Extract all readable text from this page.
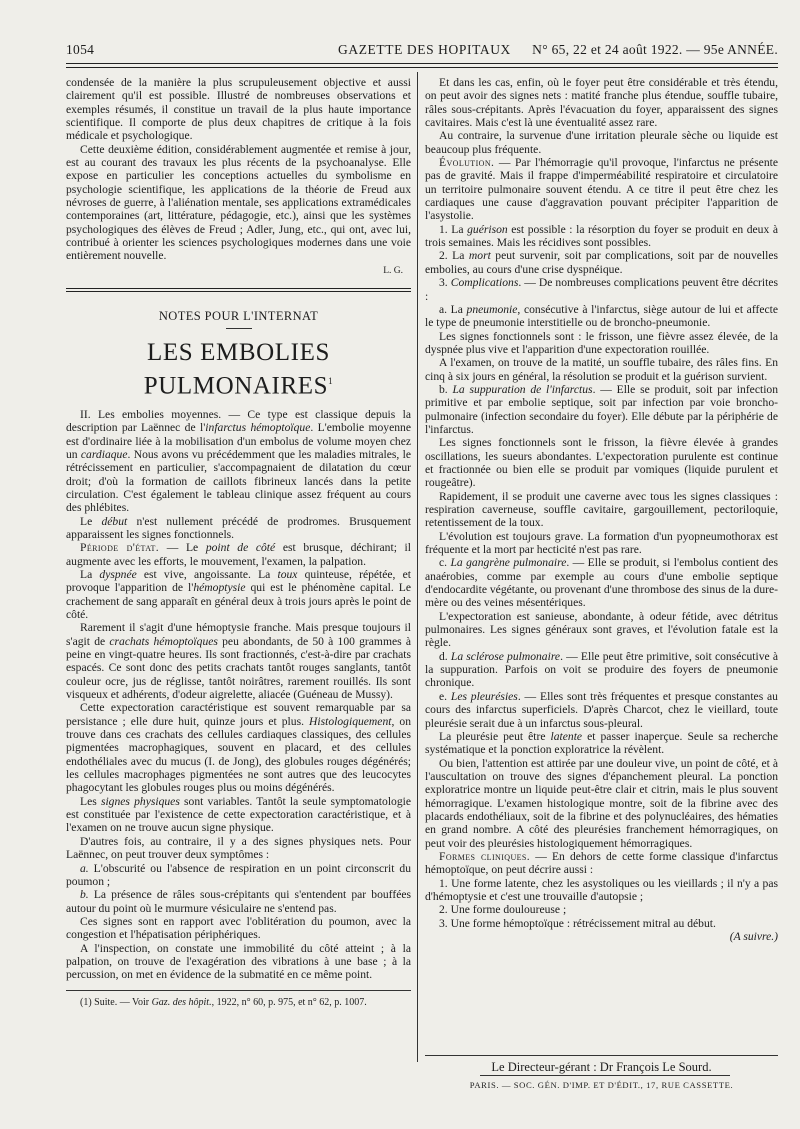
1054	GAZETTE DES HOPITAUX N° 65, 22 et 24 août 1922. — 95e ANNÉE.

condensée de la manière la plus scrupuleusement objective et aussi clairement qu'il est possible. Illustré de nombreuses observations et exemples résumés, il constitue un travail de la plus haute importance scientifique. Il comporte de plus deux chapitres de critique à la fois médicale et psychologique.

Cette deuxième édition, considérablement augmentée et remise à jour, est au courant des travaux les plus récents de la psychoanalyse. Elle expose en particulier les conceptions actuelles du symbolisme en psychologie scientifique, les applications de la théorie de Freud aux névroses de guerre, à l'aliénation mentale, ses applications extramédicales contemporaines (art, littérature, pédagogie, etc.), ainsi que les systèmes psychologiques des élèves de Freud ; Adler, Jung, etc., qui ont, avec lui, contribué à orienter les sciences psychologiques modernes dans une voie entièrement nouvelle.

L. G.
NOTES POUR L'INTERNAT
LES EMBOLIES PULMONAIRES$^1$

II. Les embolies moyennes. — Ce type est classique depuis la description par Laënnec de l'infarctus hémoptoïque. L'embolie moyenne est d'ordinaire liée à la mobilisation d'un embolus de volume moyen chez un cardiaque. Nous avons vu précédemment que les maladies mitrales, le rétrécissement en particulier, s'accompagnaient de dilatation du cœur droit; d'où la formation de caillots fibrineux lancés dans la petite circulation. C'est également le tableau clinique assez fréquent au cours des phlébites.

Le début n'est nullement précédé de prodromes. Brusquement apparaissent les signes fonctionnels.

Période d'état. — Le point de côté est brusque, déchirant; il augmente avec les efforts, le mouvement, l'examen, la palpation.

La dyspnée est vive, angoissante. La toux quinteuse, répétée, et provoque l'apparition de l'hémoptysie qui est le phénomène capital. Le crachement de sang apparaît en général deux à trois jours après le point de côté.

Rarement il s'agit d'une hémoptysie franche. Mais presque toujours il s'agit de crachats hémoptoïques peu abondants, de 50 à 100 grammes à peine en vingt-quatre heures. Ils sont fractionnés, c'est-à-dire par crachats espacés. Ce sont donc des petits crachats tantôt rouges sanglants, tantôt couleur ocre, jus de réglisse, tantôt noirâtres, rarement rouillés. Ils sont visqueux et adhérents, d'odeur aigrelette, aliacée (Guéneau de Mussy).

Cette expectoration caractéristique est souvent remarquable par sa persistance ; elle dure huit, quinze jours et plus. Histologiquement, on trouve dans ces crachats des cellules cardiaques classiques, des cellules pigmentées macrophagiques, souvent en placard, et des cellules endothéliales avec du mucus (I. de Jong), des globules rouges dégénérés; les cellules macrophages pigmentées ne sont autres que des leucocytes phagocytant les globules rouges plus ou moins dégénérés.

Les signes physiques sont variables. Tantôt la seule symptomatologie est constituée par l'existence de cette expectoration caractéristique, et à l'examen on ne trouve aucun signe physique.

D'autres fois, au contraire, il y a des signes physiques nets. Pour Laënnec, on peut trouver deux symptômes :

a. L'obscurité ou l'absence de respiration en un point circonscrit du poumon ;

b. La présence de râles sous-crépitants qui s'entendent par bouffées autour du point où le murmure vésiculaire ne s'entend pas.

Ces signes sont en rapport avec l'oblitération du poumon, avec la congestion et l'hépatisation périphériques.

A l'inspection, on constate une immobilité du côté atteint ; à la palpation, on trouve de l'exagération des vibrations à une base ; à la percussion, on met en évidence de la submatité en ce même point.

(1) Suite. — Voir Gaz. des hôpit., 1922, n° 60, p. 975, et n° 62, p. 1007.

Et dans les cas, enfin, où le foyer peut être considérable et très étendu, on peut avoir des signes nets : matité franche plus étendue, souffle tubaire, râles sous-crépitants. Après l'évacuation du foyer, apparaissent des signes cavitaires. Mais c'est là une éventualité assez rare.

Au contraire, la survenue d'une irritation pleurale sèche ou liquide est beaucoup plus fréquente.

Évolution. — Par l'hémorragie qu'il provoque, l'infarctus ne présente pas de gravité. Mais il frappe d'imperméabilité respiratoire et circulatoire un territoire pulmonaire souvent étendu. A ce titre il peut être chez les cardiaques une cause d'aggravation pouvant précipiter l'apparition de l'asystolie.

1. La guérison est possible : la résorption du foyer se produit en deux à trois semaines. Mais les récidives sont possibles.

2. La mort peut survenir, soit par complications, soit par de nouvelles embolies, au cours d'une crise dyspnéique.

3. Complications. — De nombreuses complications peuvent être décrites :

a. La pneumonie, consécutive à l'infarctus, siège autour de lui et affecte le type de pneumonie interstitielle ou de broncho-pneumonie.

Les signes fonctionnels sont : le frisson, une fièvre assez élevée, de la dyspnée plus vive et l'apparition d'une expectoration rouillée.

A l'examen, on trouve de la matité, un souffle tubaire, des râles fins. En cinq à six jours en général, la résolution se produit et la guérison survient.

b. La suppuration de l'infarctus. — Elle se produit, soit par infection primitive et par embolie septique, soit par infection par voie broncho-pulmonaire (infection secondaire du foyer). Elle débute par la périphérie de l'infarctus.

Les signes fonctionnels sont le frisson, la fièvre élevée à grandes oscillations, les sueurs abondantes. L'expectoration purulente est continue et fractionnée ou bien elle se produit par vomiques (liquide purulent et rougeâtre).

Rapidement, il se produit une caverne avec tous les signes classiques : respiration caverneuse, souffle cavitaire, gargouillement, pectoriloquie, retentissement de la toux.

L'évolution est toujours grave. La formation d'un pyopneumothorax est fréquente et la mort par hecticité n'est pas rare.

c. La gangrène pulmonaire. — Elle se produit, si l'embolus contient des anaérobies, comme par exemple au cours d'une embolie septique d'endocardite végétante, ou provenant d'une thrombose des sinus de la dure-mère ou des veines mésentériques.

L'expectoration est sanieuse, abondante, à odeur fétide, avec détritus pulmonaires. Les signes généraux sont graves, et l'évolution fatale est la règle.

d. La sclérose pulmonaire. — Elle peut être primitive, soit consécutive à la suppuration. Parfois on voit se produire des foyers de pneumonie chronique.

e. Les pleurésies. — Elles sont très fréquentes et presque constantes au cours des infarctus superficiels. D'après Charcot, chez le vieillard, toute pleurésie serait due à un infarctus sous-pleural.

La pleurésie peut être latente et passer inaperçue. Seule sa recherche systématique et la ponction exploratrice la révèlent.

Ou bien, l'attention est attirée par une douleur vive, un point de côté, et à l'auscultation on trouve des signes d'épanchement pleural. La ponction exploratrice montre un liquide peut-être clair et citrin, mais le plus souvent hémorragique. L'examen histologique montre, soit de la fibrine avec des placards endothéliaux, soit de la fibrine et des polynucléaires, des hématies en grand nombre. A côté des pleurésies franchement hémorragiques, on peut voir des pleurésies histologiquement hémorragiques.

Formes cliniques. — En dehors de cette forme classique d'infarctus hémoptoïque, on peut décrire aussi :

1. Une forme latente, chez les asystoliques ou les vieillards ; il n'y a pas d'hémoptysie et c'est une trouvaille d'autopsie ;

2. Une forme douloureuse ;

3. Une forme hémoptoïque : rétrécissement mitral au début.
(A suivre.)

Le Directeur-gérant : Dr François Le Sourd.
PARIS. — SOC. GÉN. D'IMP. ET D'ÉDIT., 17, RUE CASSETTE.
